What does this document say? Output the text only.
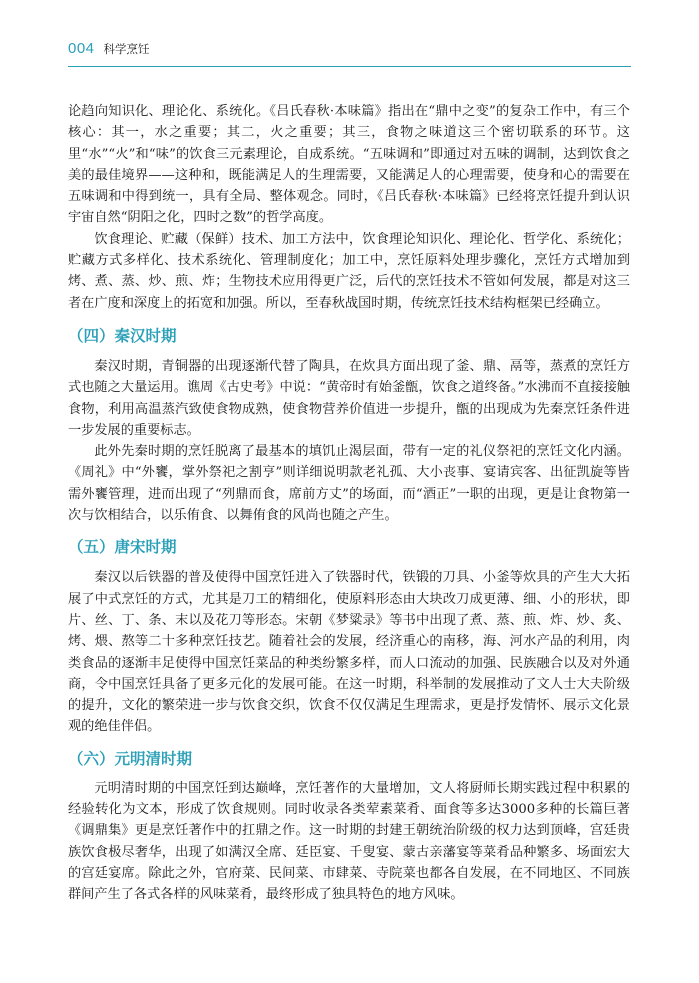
004 科学烹饪

论趋向知识化、理论化、系统化。《吕氏春秋·本味篇》指出在“鼎中之变”的复杂工作中，有三个核心：其一，水之重要；其二，火之重要；其三，食物之味道这三个密切联系的环节。这里“水”“火”和“味”的饮食三元素理论，自成系统。“五味调和”即通过对五味的调制，达到饮食之美的最佳境界——这种和，既能满足人的生理需要，又能满足人的心理需要，使身和心的需要在五味调和中得到统一，具有全局、整体观念。同时，《吕氏春秋·本味篇》已经将烹饪提升到认识宇宙自然“阴阳之化，四时之数”的哲学高度。

饮食理论、贮藏（保鲜）技术、加工方法中，饮食理论知识化、理论化、哲学化、系统化；贮藏方式多样化、技术系统化、管理制度化；加工中，烹饪原料处理步骤化，烹饪方式增加到烤、煮、蒸、炒、煎、炸；生物技术应用得更广泛，后代的烹饪技术不管如何发展，都是对这三者在广度和深度上的拓宽和加强。所以，至春秋战国时期，传统烹饪技术结构框架已经确立。

（四）秦汉时期

秦汉时期，青铜器的出现逐渐代替了陶具，在炊具方面出现了釜、鼎、鬲等，蒸煮的烹饪方式也随之大量运用。谯周《古史考》中说：“黄帝时有始釜甑，饮食之道终备。”水沸而不直接接触食物，利用高温蒸汽致使食物成熟，使食物营养价值进一步提升，甑的出现成为先秦烹饪条件进一步发展的重要标志。

此外先秦时期的烹饪脱离了最基本的填饥止渴层面，带有一定的礼仪祭祀的烹饪文化内涵。《周礼》中“外饔，掌外祭祀之割亨”则详细说明款老礼孤、大小丧事、宴请宾客、出征凯旋等皆需外饔管理，进而出现了“列鼎而食，席前方丈”的场面，而“酒正”一职的出现，更是让食物第一次与饮相结合，以乐侑食、以舞侑食的风尚也随之产生。

（五）唐宋时期

秦汉以后铁器的普及使得中国烹饪进入了铁器时代，铁锻的刀具、小釜等炊具的产生大大拓展了中式烹饪的方式，尤其是刀工的精细化，使原料形态由大块改刀成更薄、细、小的形状，即片、丝、丁、条、末以及花刀等形态。宋朝《梦粱录》等书中出现了煮、蒸、煎、炸、炒、炙、烤、煨、熬等二十多种烹饪技艺。随着社会的发展，经济重心的南移，海、河水产品的利用，肉类食品的逐渐丰足使得中国烹饪菜品的种类纷繁多样，而人口流动的加强、民族融合以及对外通商，令中国烹饪具备了更多元化的发展可能。在这一时期，科举制的发展推动了文人士大夫阶级的提升，文化的繁荣进一步与饮食交织，饮食不仅仅满足生理需求，更是抒发情怀、展示文化景观的绝佳伴侣。

（六）元明清时期

元明清时期的中国烹饪到达巅峰，烹饪著作的大量增加，文人将厨师长期实践过程中积累的经验转化为文本，形成了饮食规则。同时收录各类荤素菜肴、面食等多达3000多种的长篇巨著《调鼎集》更是烹饪著作中的扛鼎之作。这一时期的封建王朝统治阶级的权力达到顶峰，宫廷贵族饮食极尽奢华，出现了如满汉全席、廷臣宴、千叟宴、蒙古亲藩宴等菜肴品种繁多、场面宏大的宫廷宴席。除此之外，官府菜、民间菜、市肆菜、寺院菜也都各自发展，在不同地区、不同族群间产生了各式各样的风味菜肴，最终形成了独具特色的地方风味。
